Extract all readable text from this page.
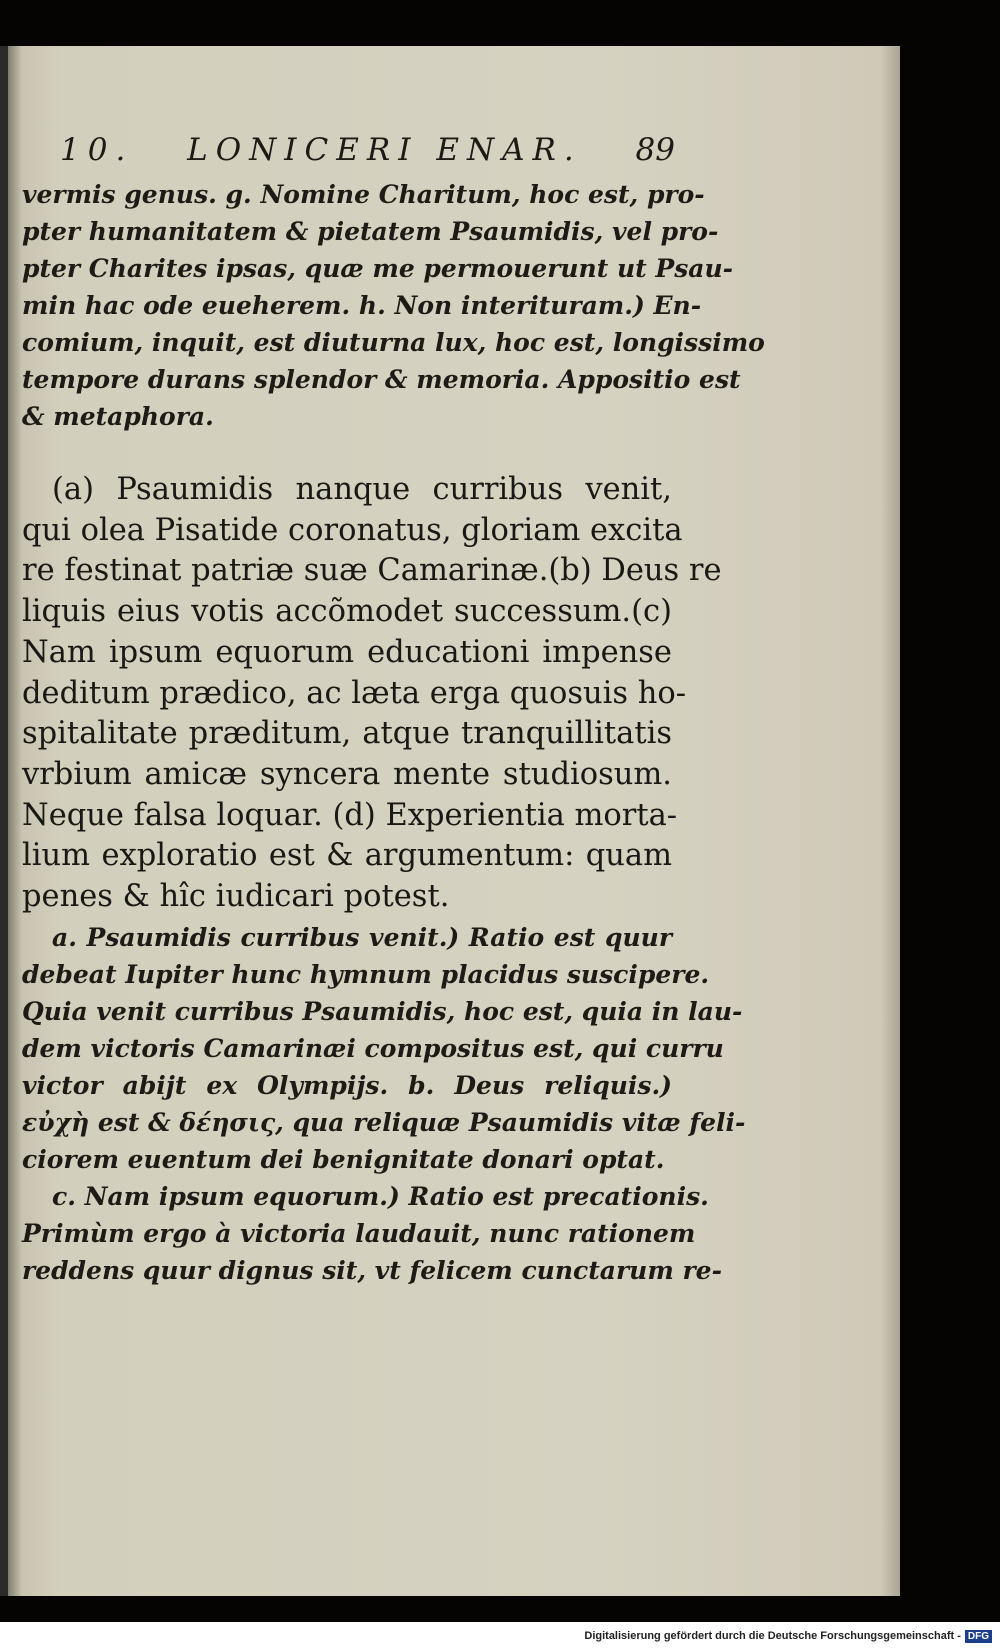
10. LONICERI ENAR. 89
vermis genus. g. Nomine Charitum, hoc est, pro-
pter humanitatem & pietatem Psaumidis, vel pro-
pter Charites ipsas, quæ me permouerunt ut Psau-
min hac ode eueherem. h. Non interituram.) En-
comium, inquit, est diuturna lux, hoc est, longissimo
tempore durans splendor & memoria. Appositio est
& metaphora.
(a) Psaumidis nanque curribus venit,
qui olea Pisatide coronatus, gloriam excita
re festinat patriæ suæ Camarinæ.(b) Deus re
liquis eius votis accõmodet successum.(c)
Nam ipsum equorum educationi impense
deditum prædico, ac læta erga quosuis ho-
spitalitate præditum, atque tranquillitatis
vrbium amicæ syncera mente studiosum.
Neque falsa loquar. (d) Experientia morta-
lium exploratio est & argumentum: quam
penes & hîc iudicari potest.
a. Psaumidis curribus venit.) Ratio est quur
debeat Iupiter hunc hymnum placidus suscipere.
Quia venit curribus Psaumidis, hoc est, quia in lau-
dem victoris Camarinæi compositus est, qui curru
victor abijt ex Olympijs. b. Deus reliquis.)
εὐχὴ est & δέησις, qua reliquæ Psaumidis vitæ feli-
ciorem euentum dei benignitate donari optat.
c. Nam ipsum equorum.) Ratio est precationis.
Primùm ergo à victoria laudauit, nunc rationem
reddens quur dignus sit, vt felicem cunctarum re-
Digitalisierung gefördert durch die Deutsche Forschungsgemeinschaft - DFG
